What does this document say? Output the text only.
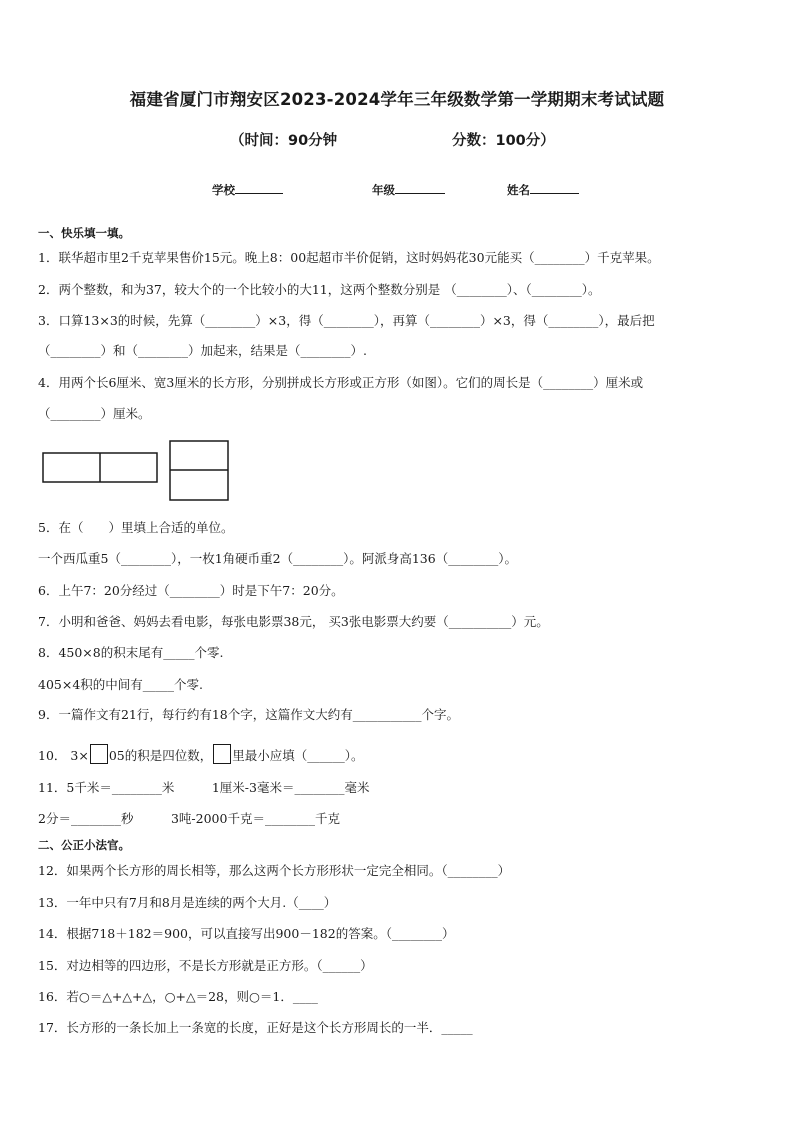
福建省厦门市翔安区2023-2024学年三年级数学第一学期期末考试试题
（时间：90分钟	分数：100分）
学校	年级	姓名
一、快乐填一填。
1．联华超市里2千克苹果售价15元。晚上8：00起超市半价促销，这时妈妈花30元能买（________）千克苹果。
2．两个整数，和为37，较大个的一个比较小的大11，这两个整数分别是 （________）、（________）。
3．口算13×3的时候，先算（________）×3，得（________），再算（________）×3，得（________），最后把
（________）和（________）加起来，结果是（________）.
4．用两个长6厘米、宽3厘米的长方形，分别拼成长方形或正方形（如图）。它们的周长是（________）厘米或
（________）厘米。
5．在（　　）里填上合适的单位。
一个西瓜重5（________），一枚1角硬币重2（________）。阿派身高136（________）。
6．上午7：20分经过（________）时是下午7：20分。
7．小明和爸爸、妈妈去看电影，每张电影票38元， 买3张电影票大约要（__________）元。
8．450×8的积末尾有_____个零.
405×4积的中间有_____个零.
9．一篇作文有21行，每行约有18个字，这篇作文大约有___________个字。
10． 3× 05的积是四位数， 里最小应填（______）。
11．5千米＝________米　　　1厘米-3毫米＝________毫米
2分＝________秒　　　3吨-2000千克＝________千克
二、公正小法官。
12．如果两个长方形的周长相等，那么这两个长方形形状一定完全相同。（________）
13．一年中只有7月和8月是连续的两个大月.（____）
14．根据718＋182＝900，可以直接写出900－182的答案。（________）
15．对边相等的四边形，不是长方形就是正方形。（______）
16．若○＝△+△+△，○+△＝28，则○＝1．____
17．长方形的一条长加上一条宽的长度，正好是这个长方形周长的一半．_____
